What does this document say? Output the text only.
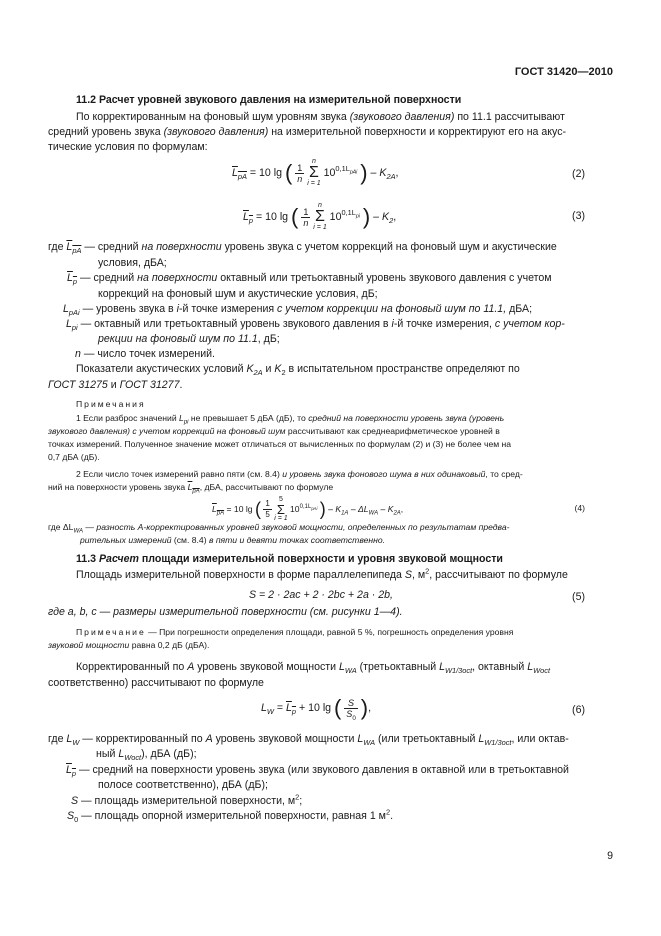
ГОСТ 31420—2010
11.2 Расчет уровней звукового давления на измерительной поверхности
По корректированным на фоновый шум уровням звука (звукового давления) по 11.1 рассчитывают
средний уровень звука (звукового давления) на измерительной поверхности и корректируют его на акус-
тические условия по формулам:
$L_{pA} = 10$ lg ( $\frac{1}{n}$
n
Σ
i = 1 $10^{0,1L_{pAi}}$ ) – $K_{2A}$,	(2)
$L_p = 10$ lg ( $\frac{1}{n}$
n
Σ
i = 1 $10^{0,1L_{pi}}$ ) – $K_2$,	(3)
где $L_{pA}$ — средний на поверхности уровень звука с учетом коррекций на фоновый шум и акустические
условия, дБА;
$L_p$ — средний на поверхности октавный или третьоктавный уровень звукового давления с учетом
коррекций на фоновый шум и акустические условия, дБ;
$L_{pAi}$ — уровень звука в i-й точке измерения с учетом коррекции на фоновый шум по 11.1, дБА;
$L_{pi}$ — октавный или третьоктавный уровень звукового давления в i-й точке измерения, с учетом кор-
рекции на фоновый шум по 11.1, дБ;
n — число точек измерений.
Показатели акустических условий $K_{2A}$ и $K_2$ в испытательном пространстве определяют по
ГОСТ 31275 и ГОСТ 31277.
Примечания
1 Если разброс значений $L_{pi}$ не превышает 5 дБА (дБ), то средний на поверхности уровень звука (уровень
звукового давления) с учетом коррекций на фоновый шум рассчитывают как среднеарифметическое уровней в
точках измерений. Полученное значение может отличаться от вычисленных по формулам (2) и (3) не более чем на
0,7 дБА (дБ).
2 Если число точек измерений равно пяти (см. 8.4) и уровень звука фонового шума в них одинаковый, то сред-
ний на поверхности уровень звука $L_{pA}$, дБА, рассчитывают по формуле
$L_{pA} = 10$ lg ( $\frac{1}{5} 5$
Σ
i = 1 $10^{0,1L_{pAi}}$ ) – $K_{1A} - \Delta L_{WA} - K_{2A}$,	(4)
где $\Delta L_{WA}$ — разность А-корректированных уровней звуковой мощности, определенных по результатам предва-
рительных измерений (см. 8.4) в пяти и девяти точках соответственно.
11.3 Расчет площади измерительной поверхности и уровня звуковой мощности
Площадь измерительной поверхности в форме параллелепипеда S, $м^2$, рассчитывают по формуле
S = 2 · 2ac + 2 · 2bc + 2a · 2b,	(5)
где a, b, c — размеры измерительной поверхности (см. рисунки 1—4).
Примечание — При погрешности определения площади, равной 5 %, погрешность определения уровня
звуковой мощности равна 0,2 дБ (дБА).
Корректированный по A уровень звуковой мощности $L_{WA}$ (третьоктавный $L_{W1/3oct}$, октавный $L_{Woct}$
соответственно) рассчитывают по формуле
$L_W = L_p + 10$ lg ( $\frac{S}{S_0}$ ),	(6)
где $L_W$ — корректированный по A уровень звуковой мощности $L_{WA}$ (или третьоктавный $L_{W1/3oct}$, или октав-
ный $L_{Woct}$), дБА (дБ);
$L_p$ — средний на поверхности уровень звука (или звукового давления в октавной или в третьоктавной
полосе соответственно), дБА (дБ);
S — площадь измерительной поверхности, $м^2$;
$S_0$ — площадь опорной измерительной поверхности, равная 1 $м^2$.
9
